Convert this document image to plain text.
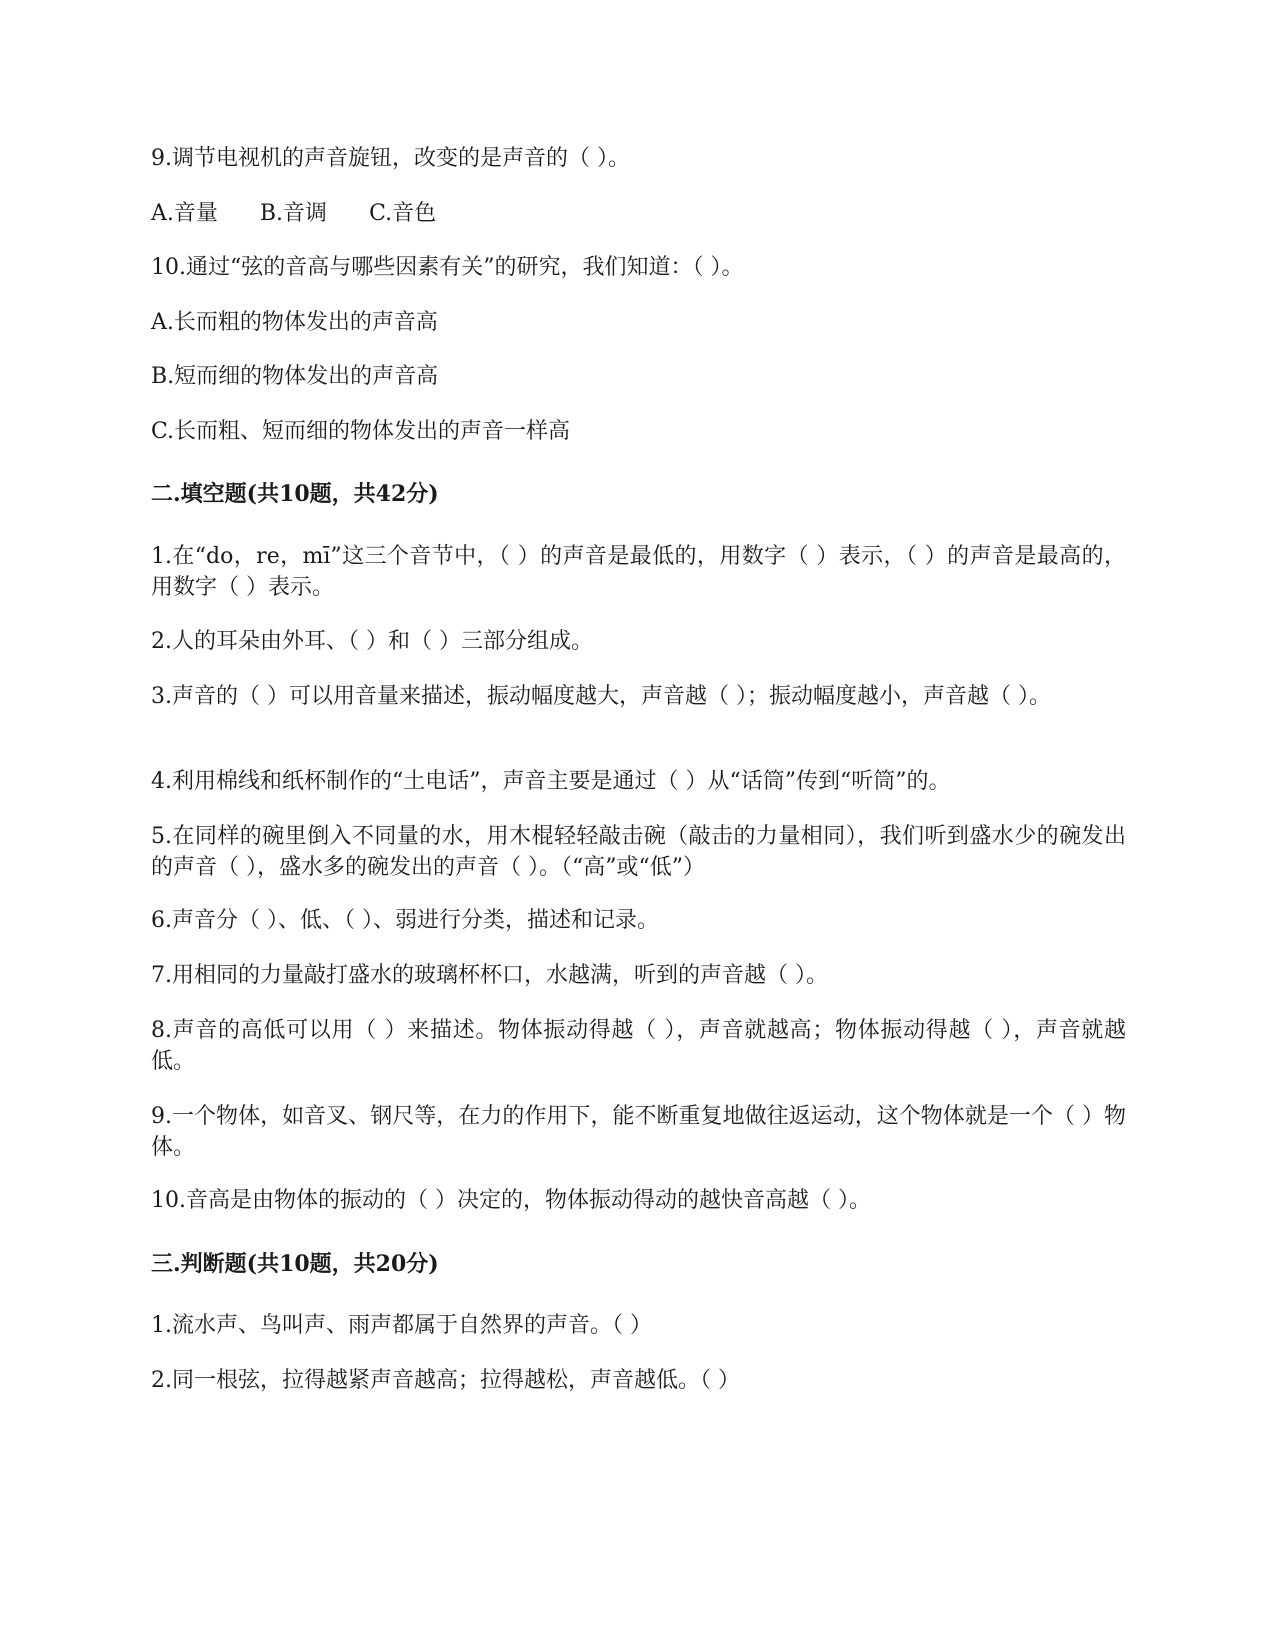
9.调节电视机的声音旋钮，改变的是声音的（ ）。
A.音量 B.音调 C.音色
10.通过“弦的音高与哪些因素有关”的研究，我们知道：（ ）。
A.长而粗的物体发出的声音高
B.短而细的物体发出的声音高
C.长而粗、短而细的物体发出的声音一样高
二.填空题(共10题，共42分)
1.在“do，re，mī”这三个音节中，（ ）的声音是最低的，用数字（ ）表示，（ ）的声音是最高的，用数字（ ）表示。
2.人的耳朵由外耳、（ ）和（ ）三部分组成。
3.声音的（ ）可以用音量来描述，振动幅度越大，声音越（ ）；振动幅度越小，声音越（ ）。
4.利用棉线和纸杯制作的“土电话”，声音主要是通过（ ）从“话筒”传到“听筒”的。
5.在同样的碗里倒入不同量的水，用木棍轻轻敲击碗（敲击的力量相同），我们听到盛水少的碗发出的声音（ ），盛水多的碗发出的声音（ ）。（“高”或“低”）
6.声音分（ ）、低、（ ）、弱进行分类，描述和记录。
7.用相同的力量敲打盛水的玻璃杯杯口，水越满，听到的声音越（ ）。
8.声音的高低可以用（ ）来描述。物体振动得越（ ），声音就越高；物体振动得越（ ），声音就越低。
9.一个物体，如音叉、钢尺等，在力的作用下，能不断重复地做往返运动，这个物体就是一个（ ）物体。
10.音高是由物体的振动的（ ）决定的，物体振动得动的越快音高越（ ）。
三.判断题(共10题，共20分)
1.流水声、鸟叫声、雨声都属于自然界的声音。（ ）
2.同一根弦，拉得越紧声音越高；拉得越松，声音越低。（ ）
